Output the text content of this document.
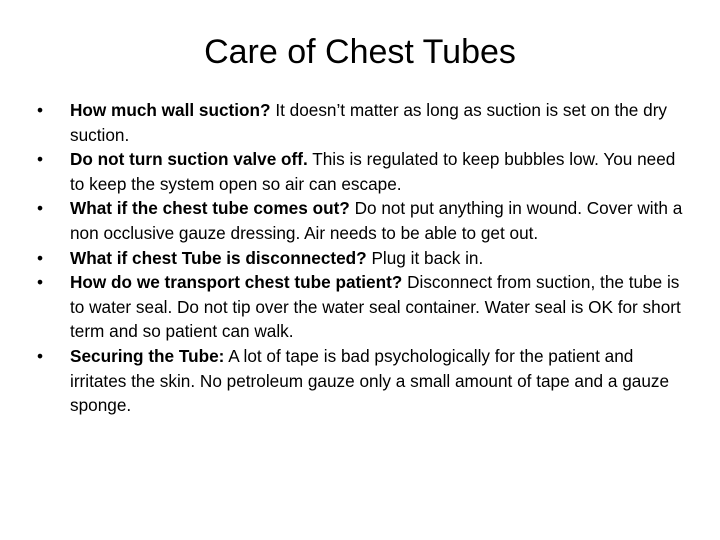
Care of Chest Tubes
• How much wall suction? It doesn’t matter as long as suction is set on the dry suction.
• Do not turn suction valve off. This is regulated to keep bubbles low. You need to keep the system open so air can escape.
• What if the chest tube comes out? Do not put anything in wound. Cover with a non occlusive gauze dressing. Air needs to be able to get out.
• What if chest Tube is disconnected? Plug it back in.
• How do we transport chest tube patient? Disconnect from suction, the tube is to water seal. Do not tip over the water seal container. Water seal is OK for short term and so patient can walk.
• Securing the Tube: A lot of tape is bad psychologically for the patient and irritates the skin. No petroleum gauze only a small amount of tape and a gauze sponge.
